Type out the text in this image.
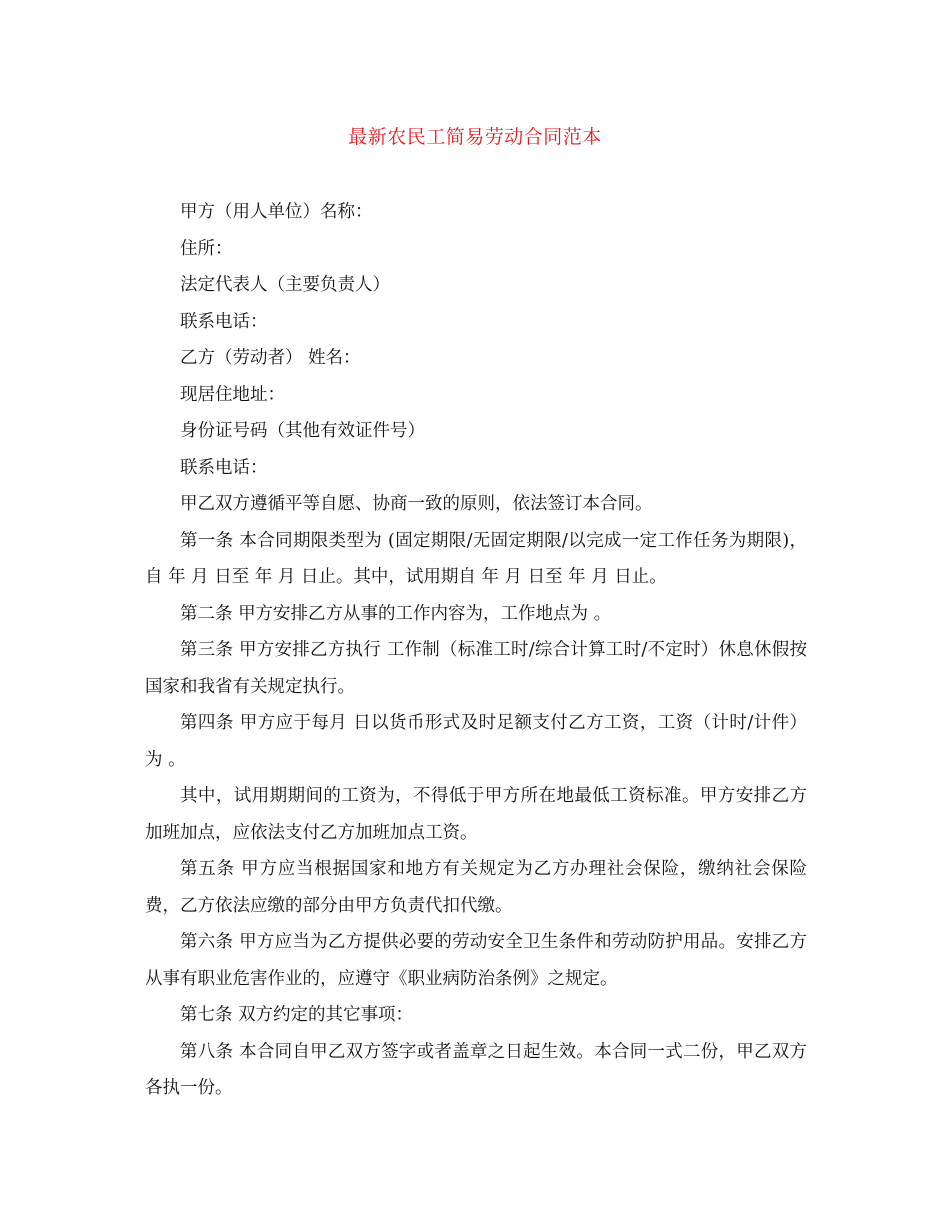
最新农民工简易劳动合同范本

甲方（用人单位）名称：

住所：

法定代表人（主要负责人）

联系电话：

乙方（劳动者） 姓名：

现居住地址：

身份证号码（其他有效证件号）

联系电话：

甲乙双方遵循平等自愿、协商一致的原则，依法签订本合同。

第一条 本合同期限类型为 (固定期限/无固定期限/以完成一定工作任务为期限)，自 年 月 日至 年 月 日止。其中，试用期自 年 月 日至 年 月 日止。

第二条 甲方安排乙方从事的工作内容为，工作地点为 。

第三条 甲方安排乙方执行 工作制（标准工时/综合计算工时/不定时）休息休假按国家和我省有关规定执行。

第四条 甲方应于每月 日以货币形式及时足额支付乙方工资，工资（计时/计件）为 。

其中，试用期期间的工资为，不得低于甲方所在地最低工资标准。甲方安排乙方加班加点，应依法支付乙方加班加点工资。

第五条 甲方应当根据国家和地方有关规定为乙方办理社会保险，缴纳社会保险费，乙方依法应缴的部分由甲方负责代扣代缴。

第六条 甲方应当为乙方提供必要的劳动安全卫生条件和劳动防护用品。安排乙方从事有职业危害作业的，应遵守《职业病防治条例》之规定。

第七条 双方约定的其它事项：

第八条 本合同自甲乙双方签字或者盖章之日起生效。本合同一式二份，甲乙双方各执一份。
